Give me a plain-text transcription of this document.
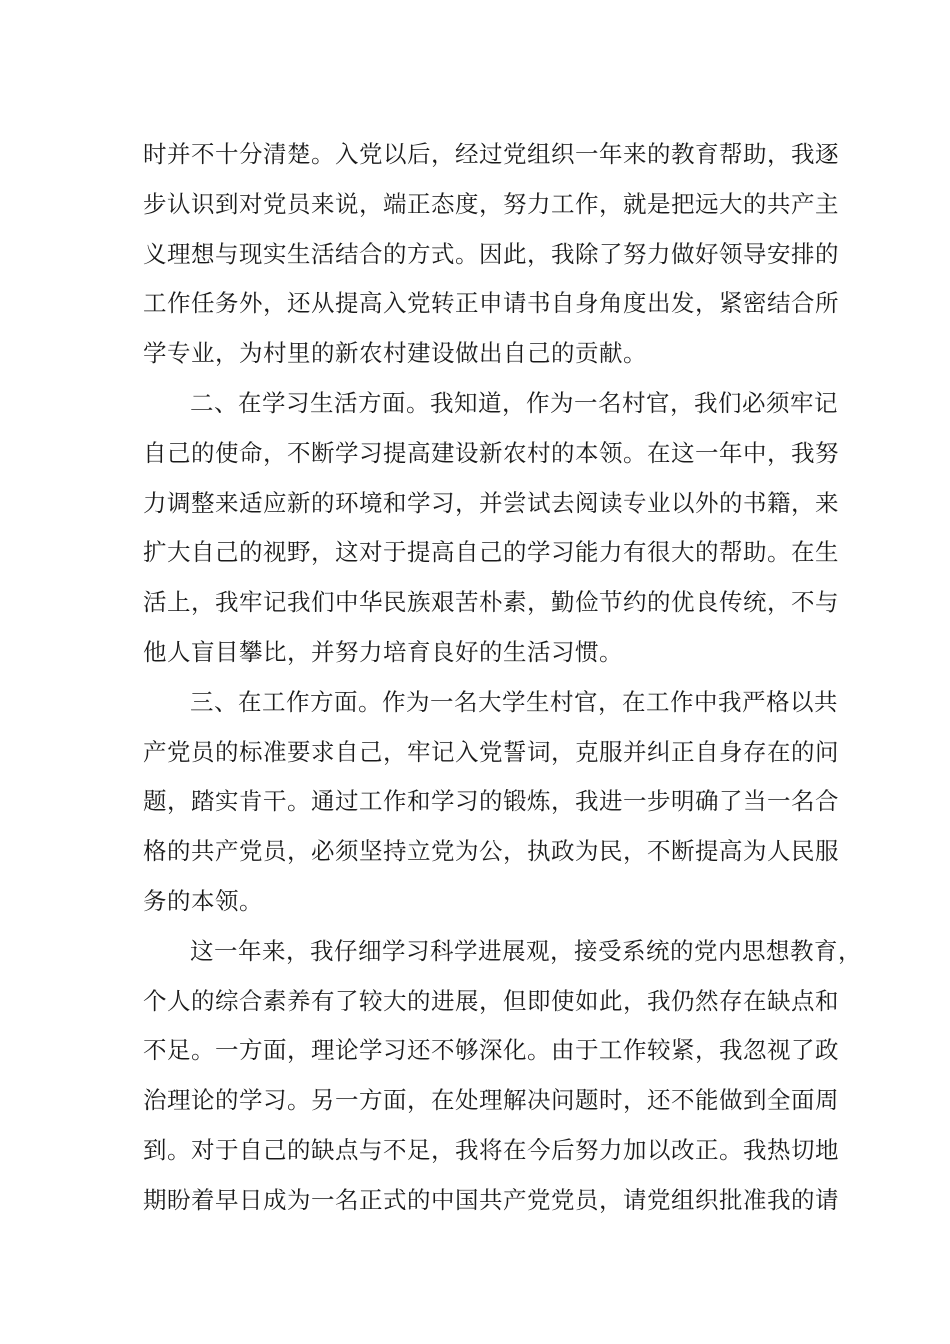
时并不十分清楚。入党以后，经过党组织一年来的教育帮助，我逐
步认识到对党员来说，端正态度，努力工作，就是把远大的共产主
义理想与现实生活结合的方式。因此，我除了努力做好领导安排的
工作任务外，还从提高入党转正申请书自身角度出发，紧密结合所
学专业，为村里的新农村建设做出自己的贡献。
二、在学习生活方面。我知道，作为一名村官，我们必须牢记
自己的使命，不断学习提高建设新农村的本领。在这一年中，我努
力调整来适应新的环境和学习，并尝试去阅读专业以外的书籍，来
扩大自己的视野，这对于提高自己的学习能力有很大的帮助。在生
活上，我牢记我们中华民族艰苦朴素，勤俭节约的优良传统，不与
他人盲目攀比，并努力培育良好的生活习惯。
三、在工作方面。作为一名大学生村官，在工作中我严格以共
产党员的标准要求自己，牢记入党誓词，克服并纠正自身存在的问
题，踏实肯干。通过工作和学习的锻炼，我进一步明确了当一名合
格的共产党员，必须坚持立党为公，执政为民，不断提高为人民服
务的本领。
这一年来，我仔细学习科学进展观，接受系统的党内思想教育，
个人的综合素养有了较大的进展，但即使如此，我仍然存在缺点和
不足。一方面，理论学习还不够深化。由于工作较紧，我忽视了政
治理论的学习。另一方面，在处理解决问题时，还不能做到全面周
到。对于自己的缺点与不足，我将在今后努力加以改正。我热切地
期盼着早日成为一名正式的中国共产党党员，请党组织批准我的请
